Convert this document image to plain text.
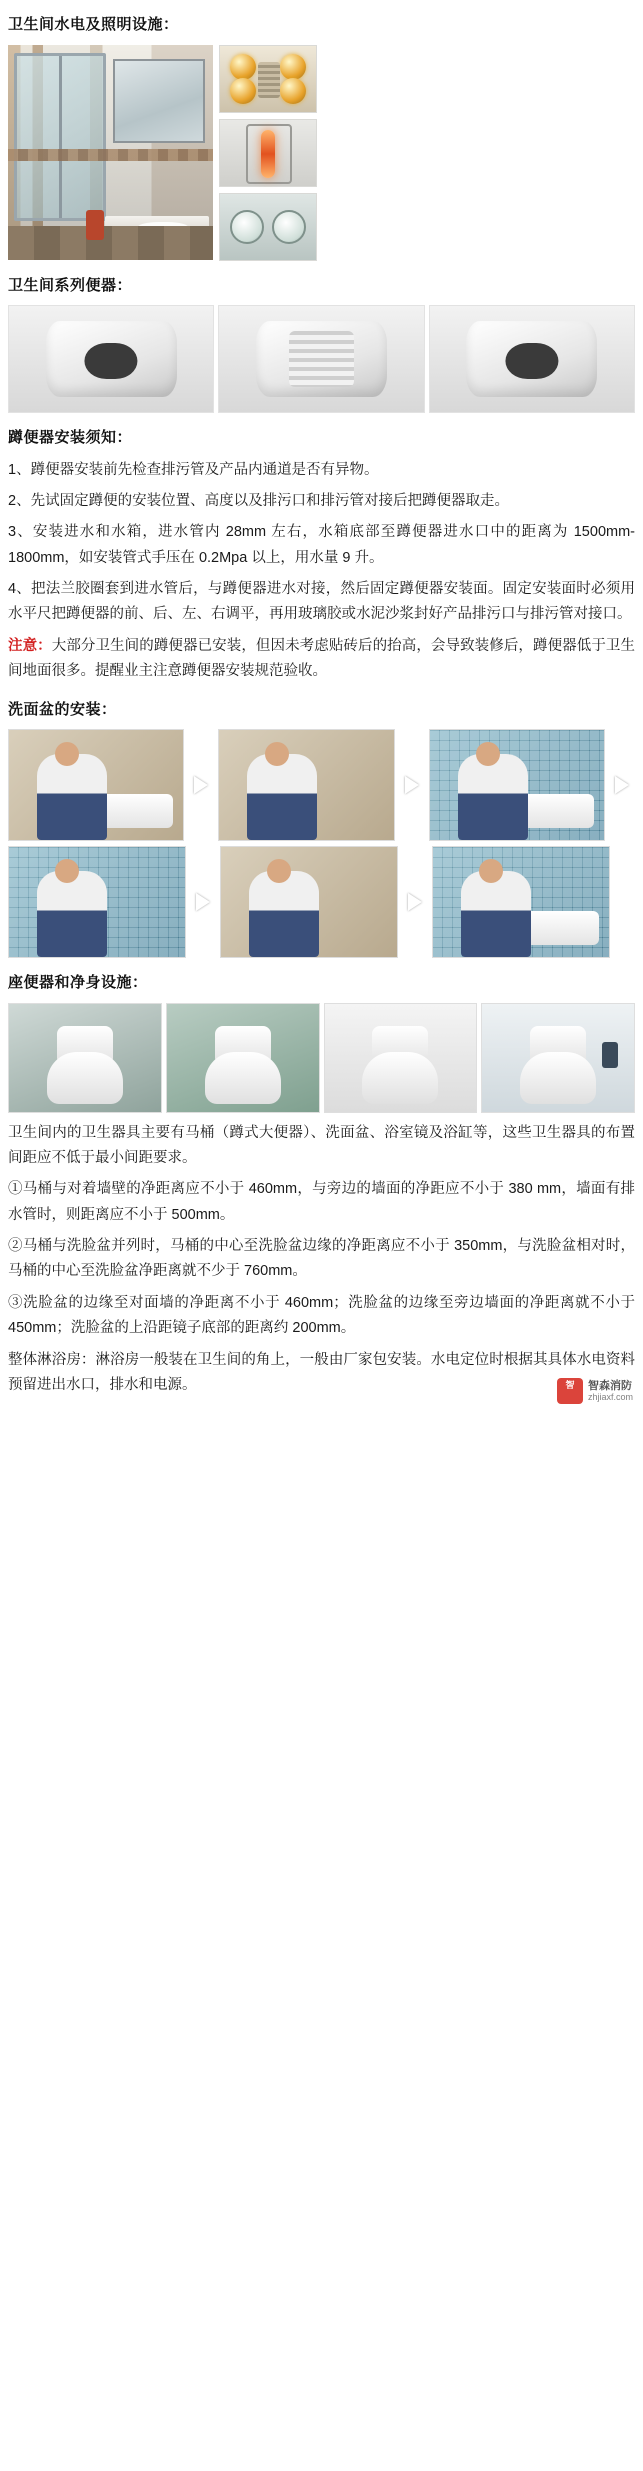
卫生间水电及照明设施：
卫生间系列便器：
蹲便器安装须知：

1、蹲便器安装前先检查排污管及产品内通道是否有异物。

2、先试固定蹲便的安装位置、高度以及排污口和排污管对接后把蹲便器取走。

3、安装进水和水箱，进水管内 28mm 左右，水箱底部至蹲便器进水口中的距离为 1500mm-1800mm，如安装管式手压在 0.2Mpa 以上，用水量 9 升。

4、把法兰胶圈套到进水管后，与蹲便器进水对接，然后固定蹲便器安装面。固定安装面时必须用水平尺把蹲便器的前、后、左、右调平，再用玻璃胶或水泥沙浆封好产品排污口与排污管对接口。

注意：大部分卫生间的蹲便器已安装，但因未考虑贴砖后的抬高，会导致装修后，蹲便器低于卫生间地面很多。提醒业主注意蹲便器安装规范验收。

洗面盆的安装：
座便器和净身设施：

卫生间内的卫生器具主要有马桶（蹲式大便器）、洗面盆、浴室镜及浴缸等，这些卫生器具的布置间距应不低于最小间距要求。

①马桶与对着墙壁的净距离应不小于 460mm，与旁边的墙面的净距应不小于 380 mm，墙面有排水管时，则距离应不小于 500mm。

②马桶与洗脸盆并列时，马桶的中心至洗脸盆边缘的净距离应不小于 350mm，与洗脸盆相对时，马桶的中心至洗脸盆净距离就不少于 760mm。

③洗脸盆的边缘至对面墙的净距离不小于 460mm；洗脸盆的边缘至旁边墙面的净距离就不小于 450mm；洗脸盆的上沿距镜子底部的距离约 200mm。

整体淋浴房：淋浴房一般装在卫生间的角上，一般由厂家包安装。水电定位时根据其具体水电资料预留进出水口，排水和电源。	智	智森消防
zhjiaxf.com
